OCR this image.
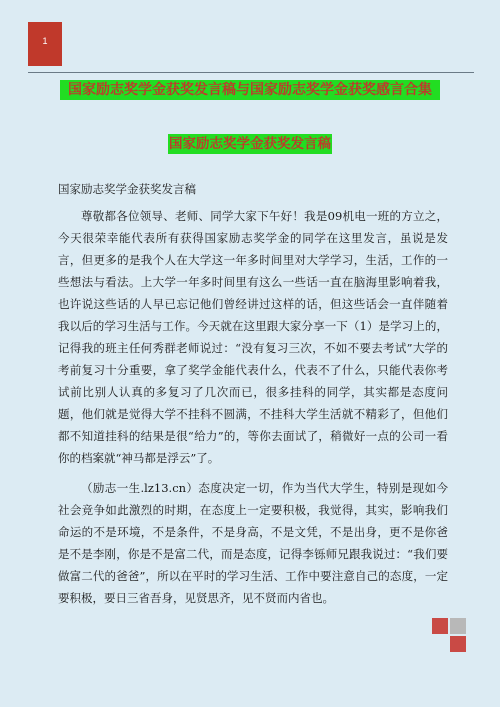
1
国家励志奖学金获奖发言稿与国家励志奖学金获奖感言合集
国家励志奖学金获奖发言稿
国家励志奖学金获奖发言稿

尊敬都各位领导、老师、同学大家下午好！我是09机电一班的方立之，今天很荣幸能代表所有获得国家励志奖学金的同学在这里发言，虽说是发言，但更多的是我个人在大学这一年多时间里对大学学习，生活，工作的一些想法与看法。上大学一年多时间里有这么一些话一直在脑海里影响着我，也许说这些话的人早已忘记他们曾经讲过这样的话，但这些话会一直伴随着我以后的学习生活与工作。今天就在这里跟大家分享一下（1）是学习上的，记得我的班主任何秀群老师说过：“没有复习三次，不如不要去考试”大学的考前复习十分重要，拿了奖学金能代表什么，代表不了什么，只能代表你考试前比别人认真的多复习了几次而已，很多挂科的同学，其实都是态度问题，他们就是觉得大学不挂科不圆满，不挂科大学生活就不精彩了，但他们都不知道挂科的结果是很“给力”的，等你去面试了，稍微好一点的公司一看你的档案就“神马都是浮云”了。

（励志一生.lz13.cn）态度决定一切，作为当代大学生，特别是现如今社会竞争如此激烈的时期，在态度上一定要积极，我觉得，其实，影响我们命运的不是环境，不是条件，不是身高，不是文凭，不是出身，更不是你爸是不是李刚，你是不是富二代，而是态度，记得李铄师兄跟我说过：“我们要做富二代的爸爸”，所以在平时的学习生活、工作中要注意自己的态度，一定要积极，要日三省吾身，见贤思齐，见不贤而内省也。
